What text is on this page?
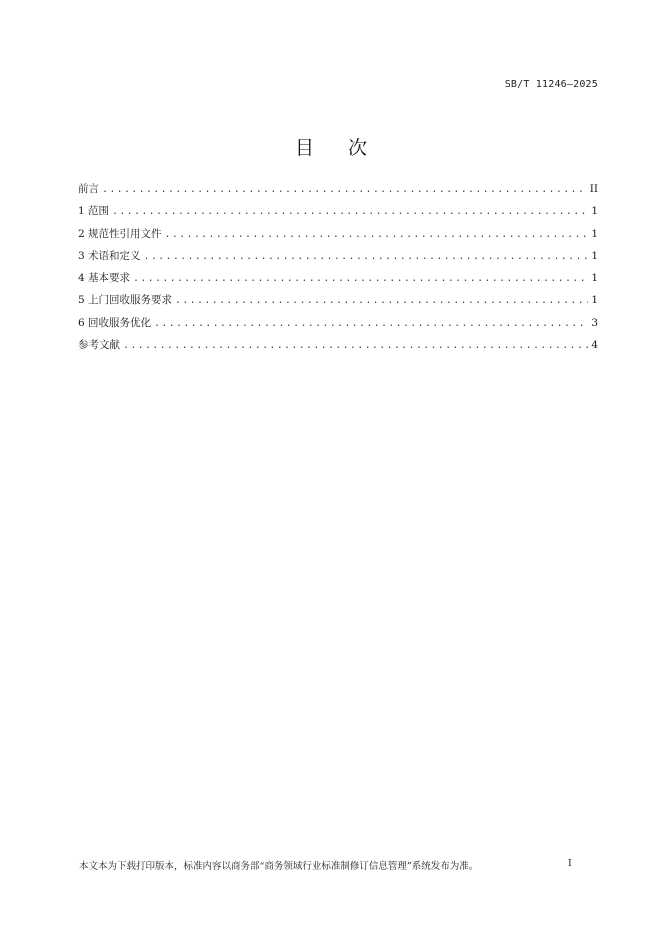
SB/T 11246—2025
目次
前言 .....	II
1 范围 .....	1
2 规范性引用文件 .....	1
3 术语和定义 .....	1
4 基本要求 .....	1
5 上门回收服务要求 .....	1
6 回收服务优化 .....	3
参考文献 .....	4
本文本为下载打印版本，标准内容以商务部“商务领域行业标准制修订信息管理”系统发布为准。	I
